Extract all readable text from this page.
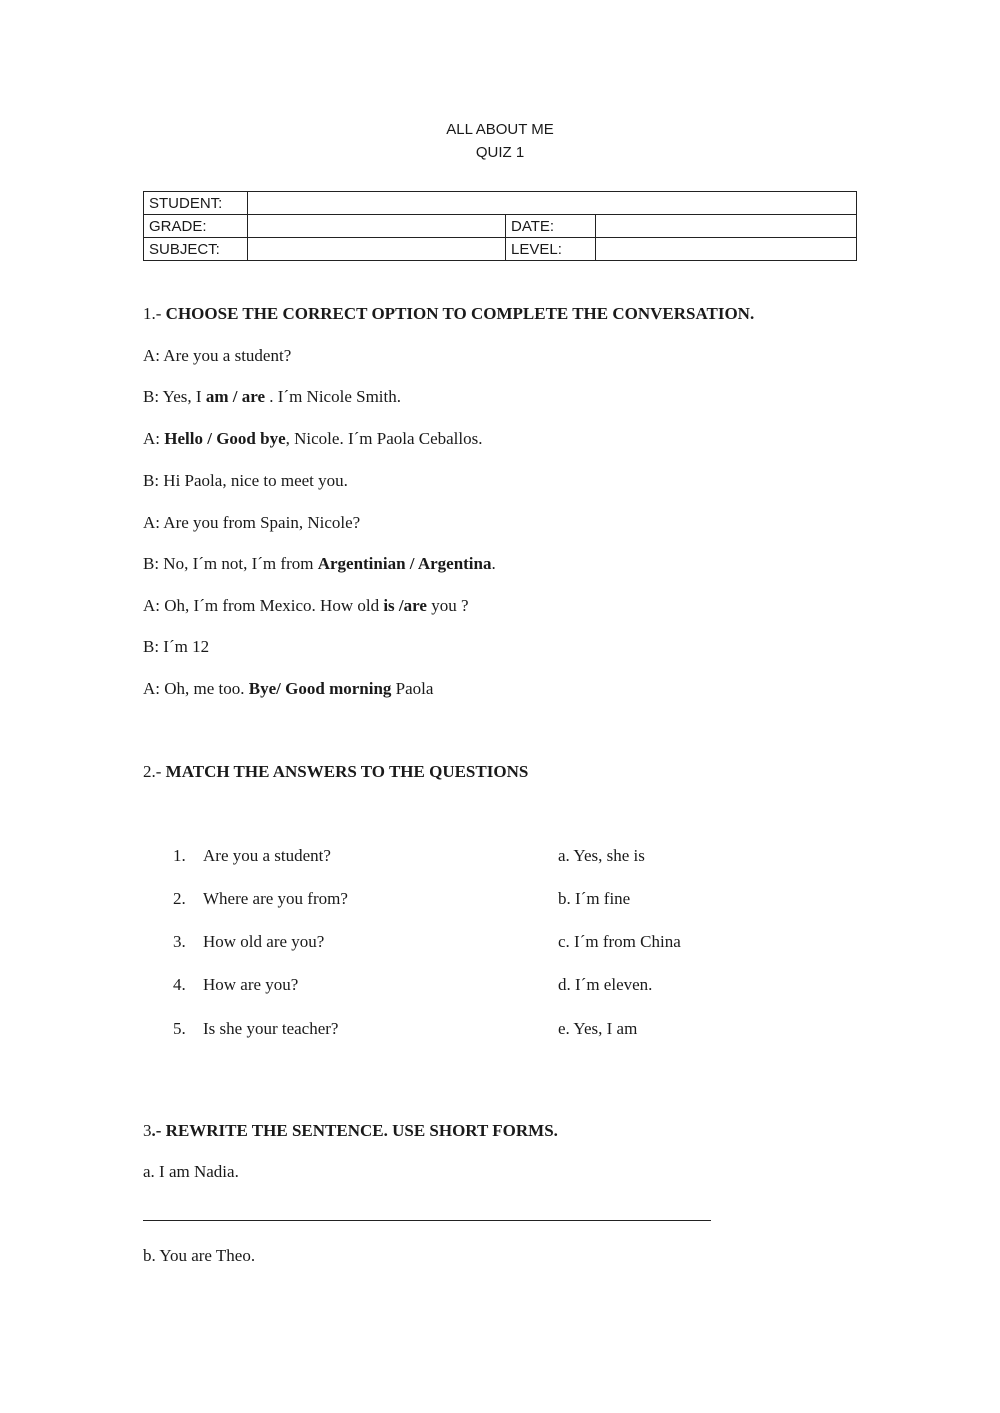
ALL ABOUT ME
QUIZ 1
STUDENT:			
GRADE:		DATE:	
SUBJECT:		LEVEL:	
1.- CHOOSE THE CORRECT OPTION TO COMPLETE THE CONVERSATION.
A: Are you a student?
B: Yes, I am / are . I´m Nicole Smith.
A: Hello / Good bye, Nicole. I´m Paola Ceballos.
B: Hi Paola, nice to meet you.
A: Are you from Spain, Nicole?
B: No, I´m not, I´m from Argentinian / Argentina.
A: Oh, I´m from Mexico. How old is /are you ?
B: I´m 12
A: Oh, me too. Bye/ Good morning Paola
2.- MATCH THE ANSWERS TO THE QUESTIONS
1. Are you a student?	a. Yes, she is
2. Where are you from?	b. I´m fine
3. How old are you?	c. I´m from China
4. How are you?	d. I´m eleven.
5. Is she your teacher?	e. Yes, I am
3.- REWRITE THE SENTENCE. USE SHORT FORMS.
a. I am Nadia.
b. You are Theo.
